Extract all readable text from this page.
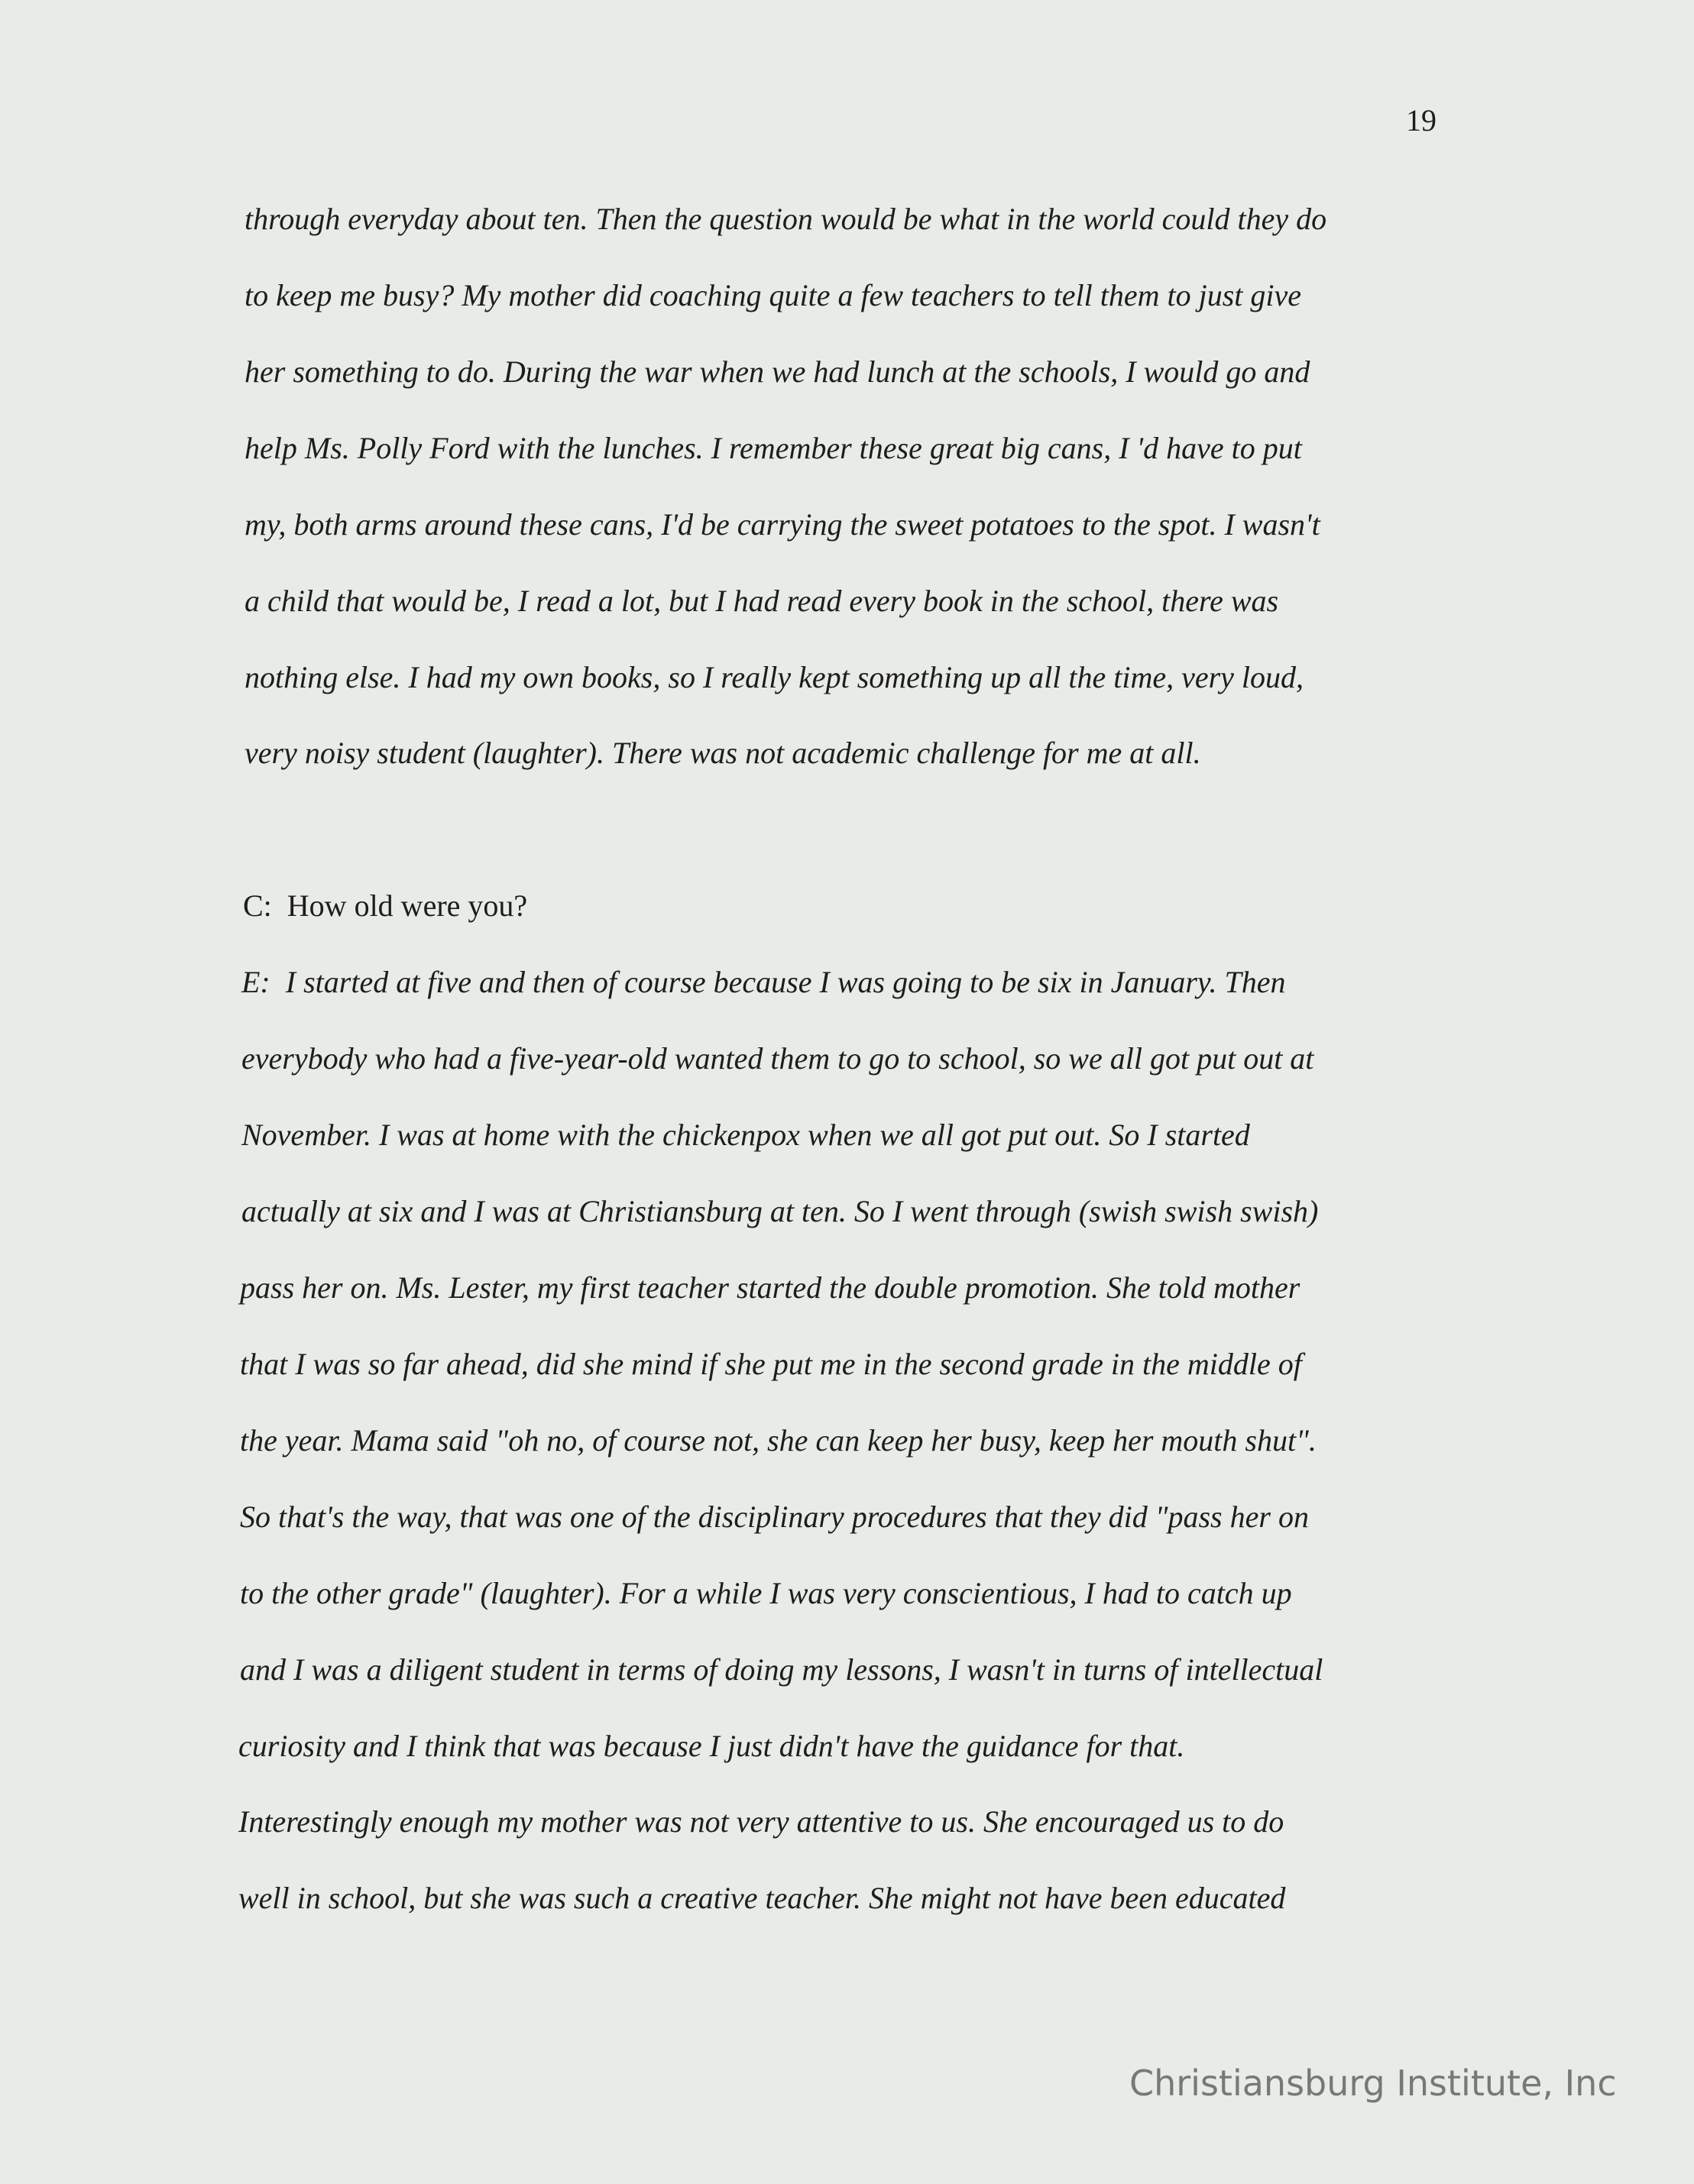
19
through everyday about ten. Then the question would be what in the world could they do
to keep me busy? My mother did coaching quite a few teachers to tell them to just give
her something to do. During the war when we had lunch at the schools, I would go and
help Ms. Polly Ford with the lunches. I remember these great big cans, I 'd have to put
my, both arms around these cans, I'd be carrying the sweet potatoes to the spot. I wasn't
a child that would be, I read a lot, but I had read every book in the school, there was
nothing else. I had my own books, so I really kept something up all the time, very loud,
very noisy student (laughter). There was not academic challenge for me at all.
C: How old were you?
E: I started at five and then of course because I was going to be six in January. Then
everybody who had a five-year-old wanted them to go to school, so we all got put out at
November. I was at home with the chickenpox when we all got put out. So I started
actually at six and I was at Christiansburg at ten. So I went through (swish swish swish)
pass her on. Ms. Lester, my first teacher started the double promotion. She told mother
that I was so far ahead, did she mind if she put me in the second grade in the middle of
the year. Mama said "oh no, of course not, she can keep her busy, keep her mouth shut".
So that's the way, that was one of the disciplinary procedures that they did "pass her on
to the other grade" (laughter). For a while I was very conscientious, I had to catch up
and I was a diligent student in terms of doing my lessons, I wasn't in turns of intellectual
curiosity and I think that was because I just didn't have the guidance for that.
Interestingly enough my mother was not very attentive to us. She encouraged us to do
well in school, but she was such a creative teacher. She might not have been educated
Christiansburg Institute, Inc
